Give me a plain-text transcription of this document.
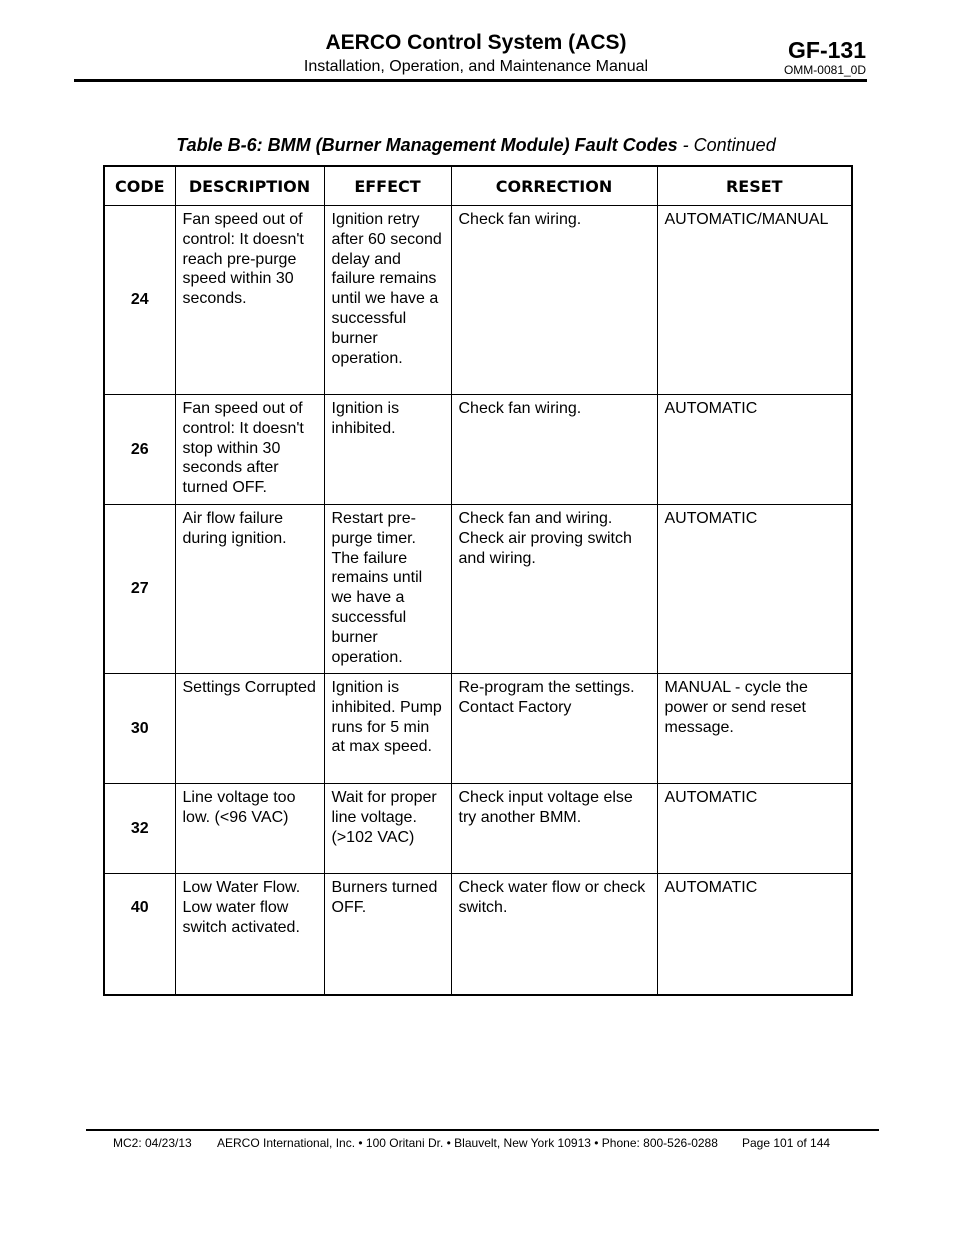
AERCO Control System (ACS)
Installation, Operation, and Maintenance Manual
GF-131
OMM-0081_0D
Table B-6: BMM (Burner Management Module) Fault Codes - Continued
CODE	DESCRIPTION	EFFECT	CORRECTION	RESET
24	Fan speed out of control: It doesn't reach pre-purge speed within 30 seconds.	Ignition retry after 60 second delay and failure remains until we have a successful burner operation.	Check fan wiring.	AUTOMATIC/MANUAL
26	Fan speed out of control: It doesn't stop within 30 seconds after turned OFF.	Ignition is inhibited.	Check fan wiring.	AUTOMATIC
27	Air flow failure during ignition.	Restart pre-purge timer. The failure remains until we have a successful burner operation.	Check fan and wiring. Check air proving switch and wiring.	AUTOMATIC
30	Settings Corrupted	Ignition is inhibited. Pump runs for 5 min at max speed.	Re-program the settings. Contact Factory	MANUAL - cycle the power or send reset message.
32	Line voltage too low. (<96 VAC)	Wait for proper line voltage. (>102 VAC)	Check input voltage else try another BMM.	AUTOMATIC
40	Low Water Flow. Low water flow switch activated.	Burners turned OFF.	Check water flow or check switch.	AUTOMATIC
MC2: 04/23/13 AERCO International, Inc. • 100 Oritani Dr. • Blauvelt, New York 10913 • Phone: 800-526-0288 Page 101 of 144
